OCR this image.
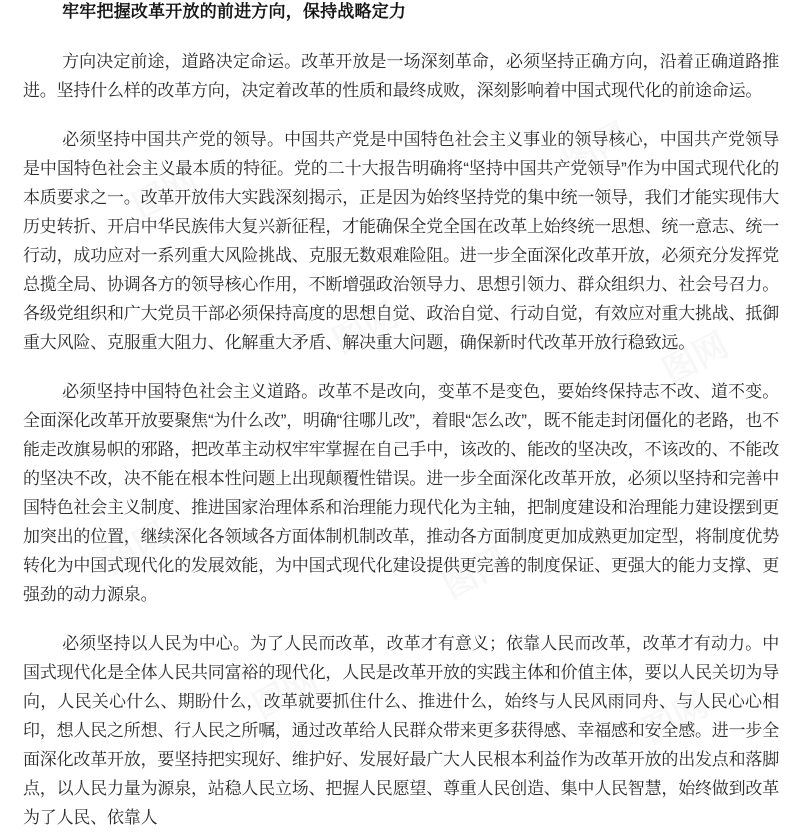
牢牢把握改革开放的前进方向，保持战略定力

方向决定前途，道路决定命运。改革开放是一场深刻革命，必须坚持正确方向，沿着正确道路推进。坚持什么样的改革方向，决定着改革的性质和最终成败，深刻影响着中国式现代化的前途命运。

必须坚持中国共产党的领导。中国共产党是中国特色社会主义事业的领导核心，中国共产党领导是中国特色社会主义最本质的特征。党的二十大报告明确将“坚持中国共产党领导”作为中国式现代化的本质要求之一。改革开放伟大实践深刻揭示，正是因为始终坚持党的集中统一领导，我们才能实现伟大历史转折、开启中华民族伟大复兴新征程，才能确保全党全国在改革上始终统一思想、统一意志、统一行动，成功应对一系列重大风险挑战、克服无数艰难险阻。进一步全面深化改革开放，必须充分发挥党总揽全局、协调各方的领导核心作用，不断增强政治领导力、思想引领力、群众组织力、社会号召力。各级党组织和广大党员干部必须保持高度的思想自觉、政治自觉、行动自觉，有效应对重大挑战、抵御重大风险、克服重大阻力、化解重大矛盾、解决重大问题，确保新时代改革开放行稳致远。

必须坚持中国特色社会主义道路。改革不是改向，变革不是变色，要始终保持志不改、道不变。全面深化改革开放要聚焦“为什么改”，明确“往哪儿改”，着眼“怎么改”，既不能走封闭僵化的老路，也不能走改旗易帜的邪路，把改革主动权牢牢掌握在自己手中，该改的、能改的坚决改，不该改的、不能改的坚决不改，决不能在根本性问题上出现颠覆性错误。进一步全面深化改革开放，必须以坚持和完善中国特色社会主义制度、推进国家治理体系和治理能力现代化为主轴，把制度建设和治理能力建设摆到更加突出的位置，继续深化各领域各方面体制机制改革，推动各方面制度更加成熟更加定型，将制度优势转化为中国式现代化的发展效能，为中国式现代化建设提供更完善的制度保证、更强大的能力支撑、更强劲的动力源泉。

必须坚持以人民为中心。为了人民而改革，改革才有意义；依靠人民而改革，改革才有动力。中国式现代化是全体人民共同富裕的现代化，人民是改革开放的实践主体和价值主体，要以人民关切为导向，人民关心什么、期盼什么，改革就要抓住什么、推进什么，始终与人民风雨同舟、与人民心心相印，想人民之所想、行人民之所嘱，通过改革给人民群众带来更多获得感、幸福感和安全感。进一步全面深化改革开放，要坚持把实现好、维护好、发展好最广大人民根本利益作为改革开放的出发点和落脚点，以人民力量为源泉，站稳人民立场、把握人民愿望、尊重人民创造、集中人民智慧，始终做到改革为了人民、依靠人
